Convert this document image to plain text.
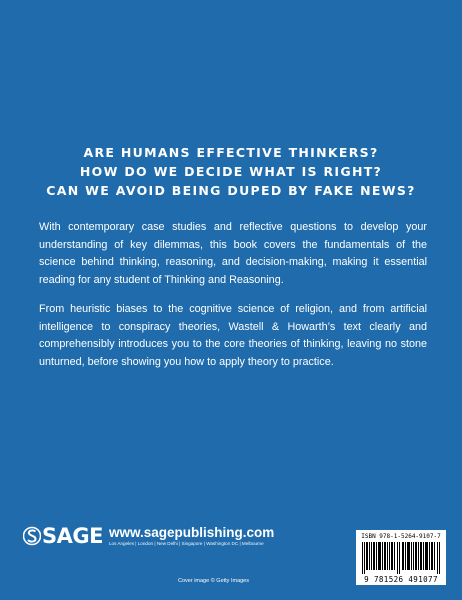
ARE HUMANS EFFECTIVE THINKERS?
HOW DO WE DECIDE WHAT IS RIGHT?
CAN WE AVOID BEING DUPED BY FAKE NEWS?
With contemporary case studies and reflective questions to develop your understanding of key dilemmas, this book covers the fundamentals of the science behind thinking, reasoning, and decision-making, making it essential reading for any student of Thinking and Reasoning.
From heuristic biases to the cognitive science of religion, and from artificial intelligence to conspiracy theories, Wastell & Howarth’s text clearly and comprehensibly introduces you to the core theories of thinking, leaving no stone unturned, before showing you how to apply theory to practice.
SAGE www.sagepublishing.com
Los Angeles | London | New Delhi | Singapore | Washington DC | Melbourne
Cover image © Getty Images
ISBN 978-1-5264-9107-7
9 781526 491077
